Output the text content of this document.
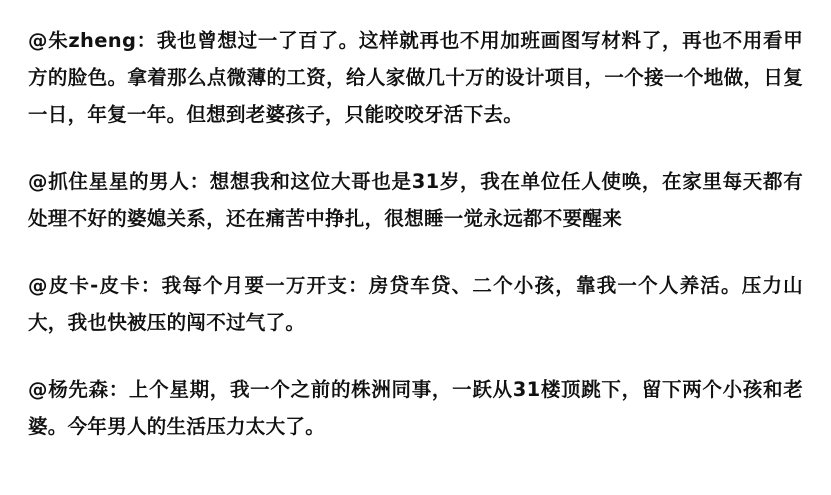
@朱zheng：我也曾想过一了百了。这样就再也不用加班画图写材料了，再也不用看甲方的脸色。拿着那么点微薄的工资，给人家做几十万的设计项目，一个接一个地做，日复一日，年复一年。但想到老婆孩子，只能咬咬牙活下去。

@抓住星星的男人：想想我和这位大哥也是31岁，我在单位任人使唤，在家里每天都有处理不好的婆媳关系，还在痛苦中挣扎，很想睡一觉永远都不要醒来

@皮卡-皮卡：我每个月要一万开支：房贷车贷、二个小孩，靠我一个人养活。压力山大，我也快被压的闯不过气了。

@杨先森：上个星期，我一个之前的株洲同事，一跃从31楼顶跳下，留下两个小孩和老婆。今年男人的生活压力太大了。
